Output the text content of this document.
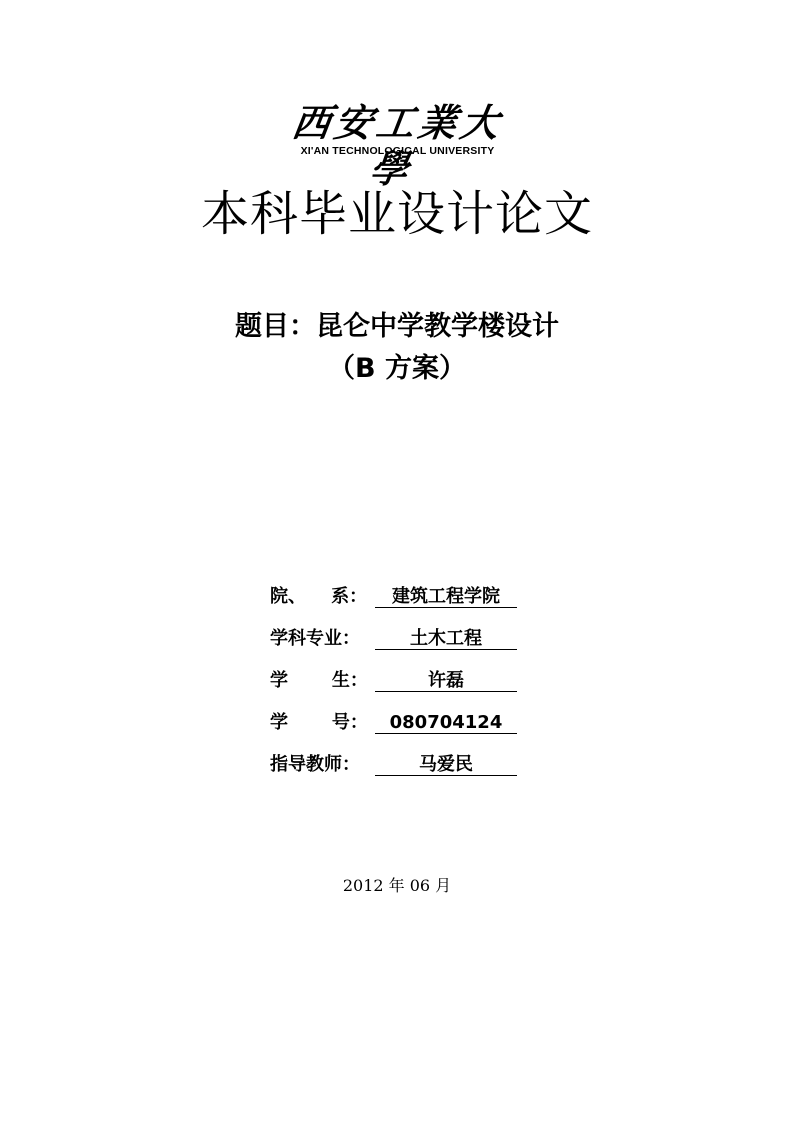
西安工業大學
XI'AN TECHNOLOGICAL UNIVERSITY
本科毕业设计论文
题目：昆仑中学教学楼设计
（B 方案）
院、    系：	建筑工程学院
学科专业：	土木工程
学       生：	许磊
学       号：	080704124
指导教师：	马爱民
2012 年 06 月
